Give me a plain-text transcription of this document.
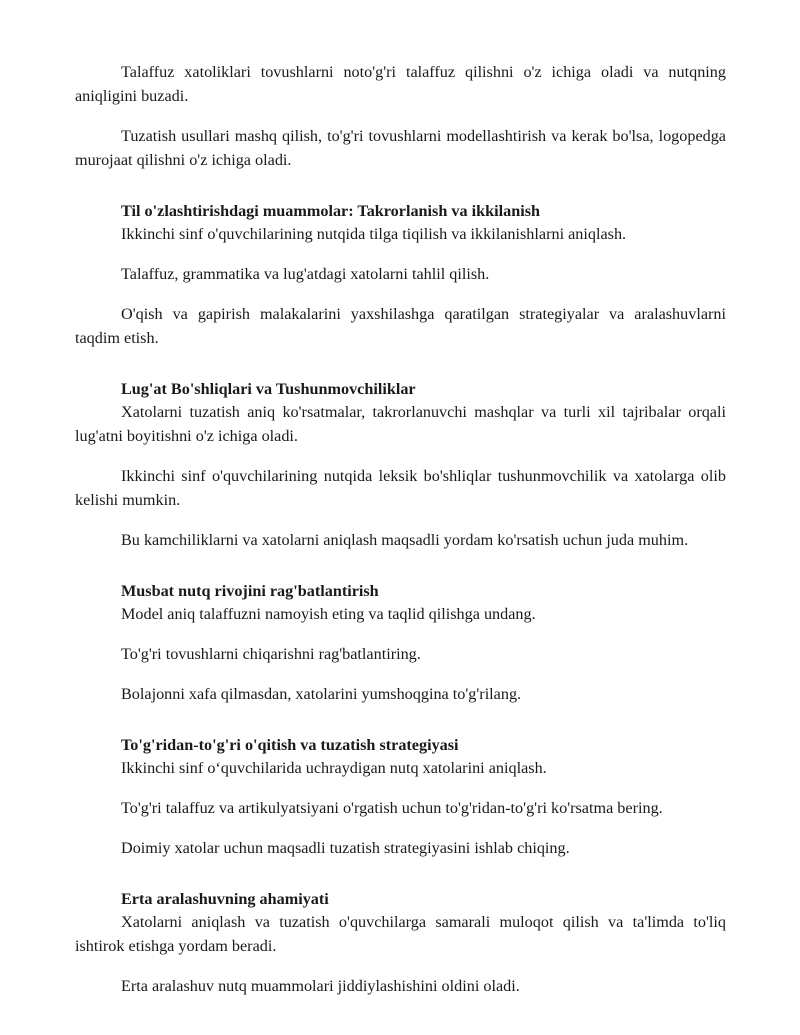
Talaffuz xatoliklari tovushlarni noto'g'ri talaffuz qilishni o'z ichiga oladi va nutqning aniqligini buzadi.

Tuzatish usullari mashq qilish, to'g'ri tovushlarni modellashtirish va kerak bo'lsa, logopedga murojaat qilishni o'z ichiga oladi.

Til o'zlashtirishdagi muammolar: Takrorlanish va ikkilanish

Ikkinchi sinf o'quvchilarining nutqida tilga tiqilish va ikkilanishlarni aniqlash.

Talaffuz, grammatika va lug'atdagi xatolarni tahlil qilish.

O'qish va gapirish malakalarini yaxshilashga qaratilgan strategiyalar va aralashuvlarni taqdim etish.

Lug'at Bo'shliqlari va Tushunmovchiliklar

Xatolarni tuzatish aniq ko'rsatmalar, takrorlanuvchi mashqlar va turli xil tajribalar orqali lug'atni boyitishni o'z ichiga oladi.

Ikkinchi sinf o'quvchilarining nutqida leksik bo'shliqlar tushunmovchilik va xatolarga olib kelishi mumkin.

Bu kamchiliklarni va xatolarni aniqlash maqsadli yordam ko'rsatish uchun juda muhim.

Musbat nutq rivojini rag'batlantirish

Model aniq talaffuzni namoyish eting va taqlid qilishga undang.

To'g'ri tovushlarni chiqarishni rag'batlantiring.

Bolajonni xafa qilmasdan, xatolarini yumshoqgina to'g'rilang.

To'g'ridan-to'g'ri o'qitish va tuzatish strategiyasi

Ikkinchi sinf o‘quvchilarida uchraydigan nutq xatolarini aniqlash.

To'g'ri talaffuz va artikulyatsiyani o'rgatish uchun to'g'ridan-to'g'ri ko'rsatma bering.

Doimiy xatolar uchun maqsadli tuzatish strategiyasini ishlab chiqing.

Erta aralashuvning ahamiyati

Xatolarni aniqlash va tuzatish o'quvchilarga samarali muloqot qilish va ta'limda to'liq ishtirok etishga yordam beradi.

Erta aralashuv nutq muammolari jiddiylashishini oldini oladi.
